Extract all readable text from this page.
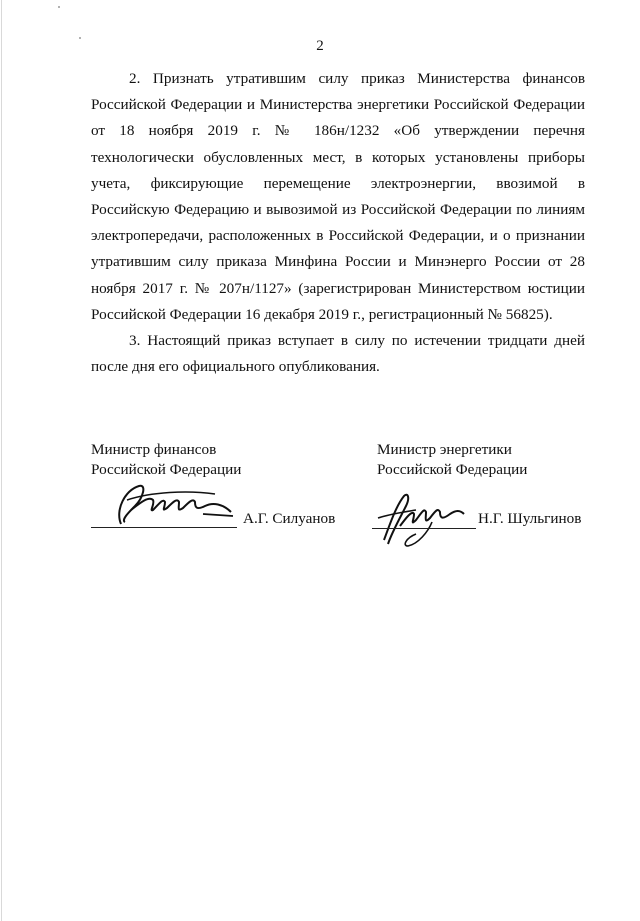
2

2. Признать утратившим силу приказ Министерства финансов Российской Федерации и Министерства энергетики Российской Федерации от 18 ноября 2019 г. № 186н/1232 «Об утверждении перечня технологически обусловленных мест, в которых установлены приборы учета, фиксирующие перемещение электроэнергии, ввозимой в Российскую Федерацию и вывозимой из Российской Федерации по линиям электропередачи, расположенных в Российской Федерации, и о признании утратившим силу приказа Минфина России и Минэнерго России от 28 ноября 2017 г. № 207н/1127» (зарегистрирован Министерством юстиции Российской Федерации 16 декабря 2019 г., регистрационный № 56825).

3. Настоящий приказ вступает в силу по истечении тридцати дней после дня его официального опубликования.

Министр финансов
Российской Федерации
А.Г. Силуанов
Министр энергетики
Российской Федерации
Н.Г. Шульгинов
